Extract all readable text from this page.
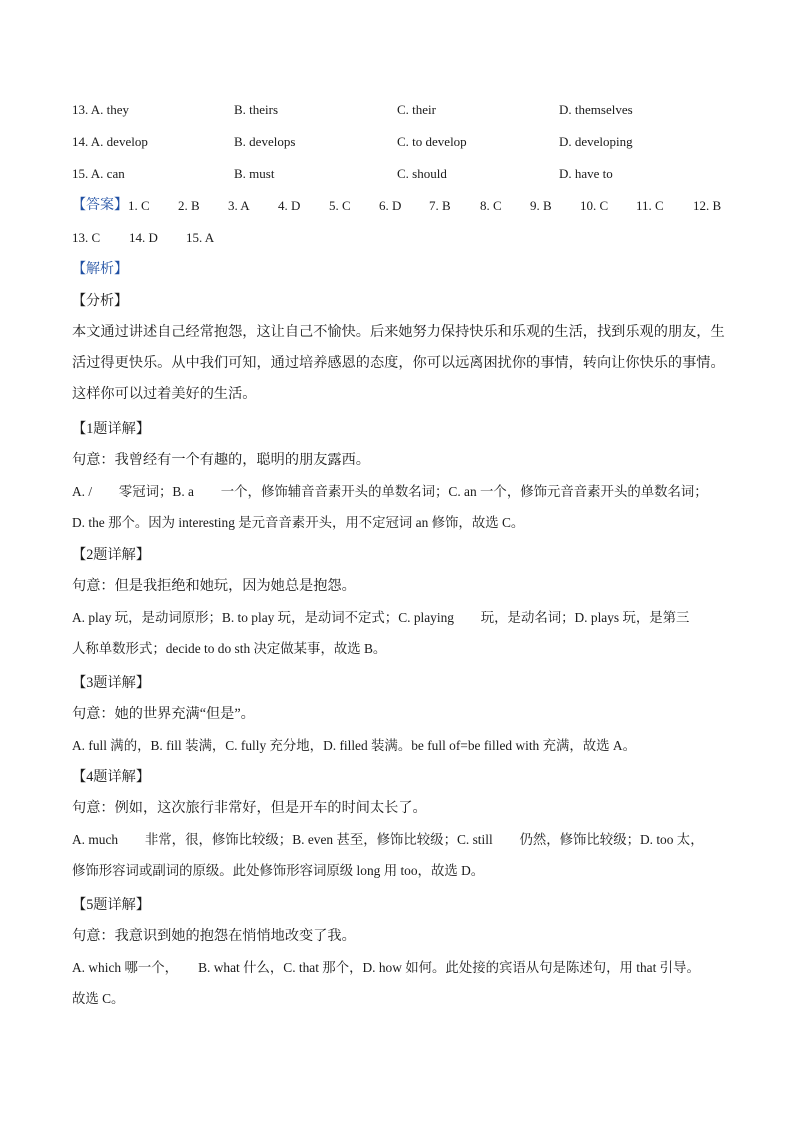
13. A. they	B. theirs	C. their	D. themselves
14. A. develop	B. develops	C. to develop	D. developing
15. A. can	B. must	C. should	D. have to
【答案】 1. C 2. B 3. A 4. D 5. C 6. D 7. B 8. C 9. B 10. C 11. C 12. B
13. C 14. D 15. A
【解析】
【分析】
本文通过讲述自己经常抱怨，这让自己不愉快。后来她努力保持快乐和乐观的生活，找到乐观的朋友，生
活过得更快乐。从中我们可知，通过培养感恩的态度，你可以远离困扰你的事情，转向让你快乐的事情。
这样你可以过着美好的生活。
【1题详解】
句意：我曾经有一个有趣的，聪明的朋友露西。
A. /　　零冠词；B. a　　一个，修饰辅音音素开头的单数名词；C. an 一个，修饰元音音素开头的单数名词；
D. the 那个。因为 interesting 是元音音素开头，用不定冠词 an 修饰，故选 C。
【2题详解】
句意：但是我拒绝和她玩，因为她总是抱怨。
A. play 玩，是动词原形；B. to play 玩，是动词不定式；C. playing　　玩，是动名词；D. plays 玩，是第三
人称单数形式；decide to do sth 决定做某事，故选 B。
【3题详解】
句意：她的世界充满“但是”。
A. full 满的，B. fill 装满，C. fully 充分地，D. filled 装满。be full of=be filled with 充满，故选 A。
【4题详解】
句意：例如，这次旅行非常好，但是开车的时间太长了。
A. much　　非常，很，修饰比较级；B. even 甚至，修饰比较级；C. still　　仍然，修饰比较级；D. too 太，
修饰形容词或副词的原级。此处修饰形容词原级 long 用 too，故选 D。
【5题详解】
句意：我意识到她的抱怨在悄悄地改变了我。
A. which 哪一个，　　B. what 什么，C. that 那个，D. how 如何。此处接的宾语从句是陈述句，用 that 引导。
故选 C。
